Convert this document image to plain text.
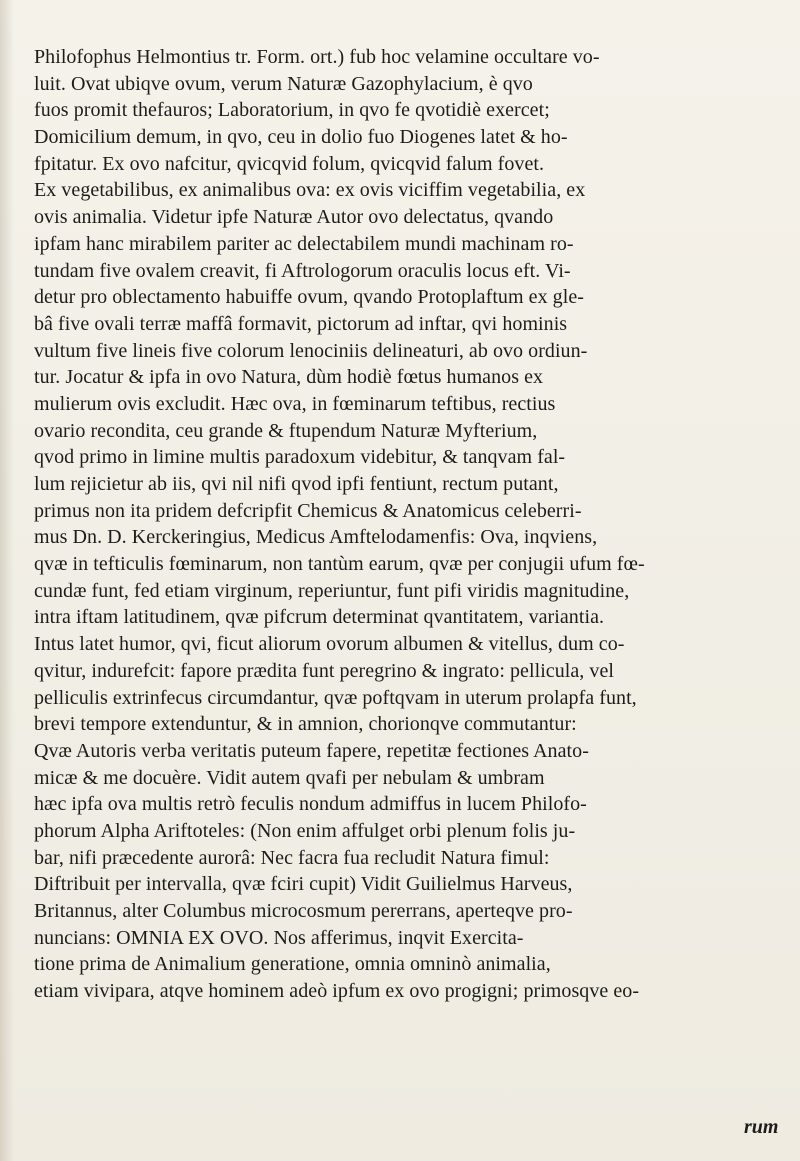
Philofophus Helmontius tr. Form. ort.) fub hoc velamine occultare vo-
luit. Ovat ubiqve ovum, verum Naturæ Gazophylacium, è qvo
fuos promit thefauros; Laboratorium, in qvo fe qvotidiè exercet;
Domicilium demum, in qvo, ceu in dolio fuo Diogenes latet & ho-
fpitatur. Ex ovo nafcitur, qvicqvid folum, qvicqvid falum fovet.
Ex vegetabilibus, ex animalibus ova: ex ovis viciffim vegetabilia, ex
ovis animalia. Videtur ipfe Naturæ Autor ovo delectatus, qvando
ipfam hanc mirabilem pariter ac delectabilem mundi machinam ro-
tundam five ovalem creavit, fi Aftrologorum oraculis locus eft. Vi-
detur pro oblectamento habuiffe ovum, qvando Protoplaftum ex gle-
bâ five ovali terræ maffâ formavit, pictorum ad inftar, qvi hominis
vultum five lineis five colorum lenociniis delineaturi, ab ovo ordiun-
tur. Jocatur & ipfa in ovo Natura, dùm hodiè fœtus humanos ex
mulierum ovis excludit. Hæc ova, in fœminarum teftibus, rectius
ovario recondita, ceu grande & ftupendum Naturæ Myfterium,
qvod primo in limine multis paradoxum videbitur, & tanqvam fal-
lum rejicietur ab iis, qvi nil nifi qvod ipfi fentiunt, rectum putant,
primus non ita pridem defcripfit Chemicus & Anatomicus celeberri-
mus Dn. D. Kerckeringius, Medicus Amftelodamenfis: Ova, inqviens,
qvæ in tefticulis fœminarum, non tantùm earum, qvæ per conjugii ufum fœ-
cundæ funt, fed etiam virginum, reperiuntur, funt pifi viridis magnitudine,
intra iftam latitudinem, qvæ pifcrum determinat qvantitatem, variantia.
Intus latet humor, qvi, ficut aliorum ovorum albumen & vitellus, dum co-
qvitur, indurefcit: fapore prædita funt peregrino & ingrato: pellicula, vel
pelliculis extrinfecus circumdantur, qvæ poftqvam in uterum prolapfa funt,
brevi tempore extenduntur, & in amnion, chorionqve commutantur:
Qvæ Autoris verba veritatis puteum fapere, repetitæ fectiones Anato-
micæ & me docuère. Vidit autem qvafi per nebulam & umbram
hæc ipfa ova multis retrò feculis nondum admiffus in lucem Philofo-
phorum Alpha Ariftoteles: (Non enim affulget orbi plenum folis ju-
bar, nifi præcedente aurorâ: Nec facra fua recludit Natura fimul:
Diftribuit per intervalla, qvæ fciri cupit) Vidit Guilielmus Harveus,
Britannus, alter Columbus microcosmum pererrans, aperteqve pro-
nuncians: OMNIA EX OVO. Nos afferimus, inqvit Exercita-
tione prima de Animalium generatione, omnia omninò animalia,
etiam vivipara, atqve hominem adeò ipfum ex ovo progigni; primosqve eo-
rum
